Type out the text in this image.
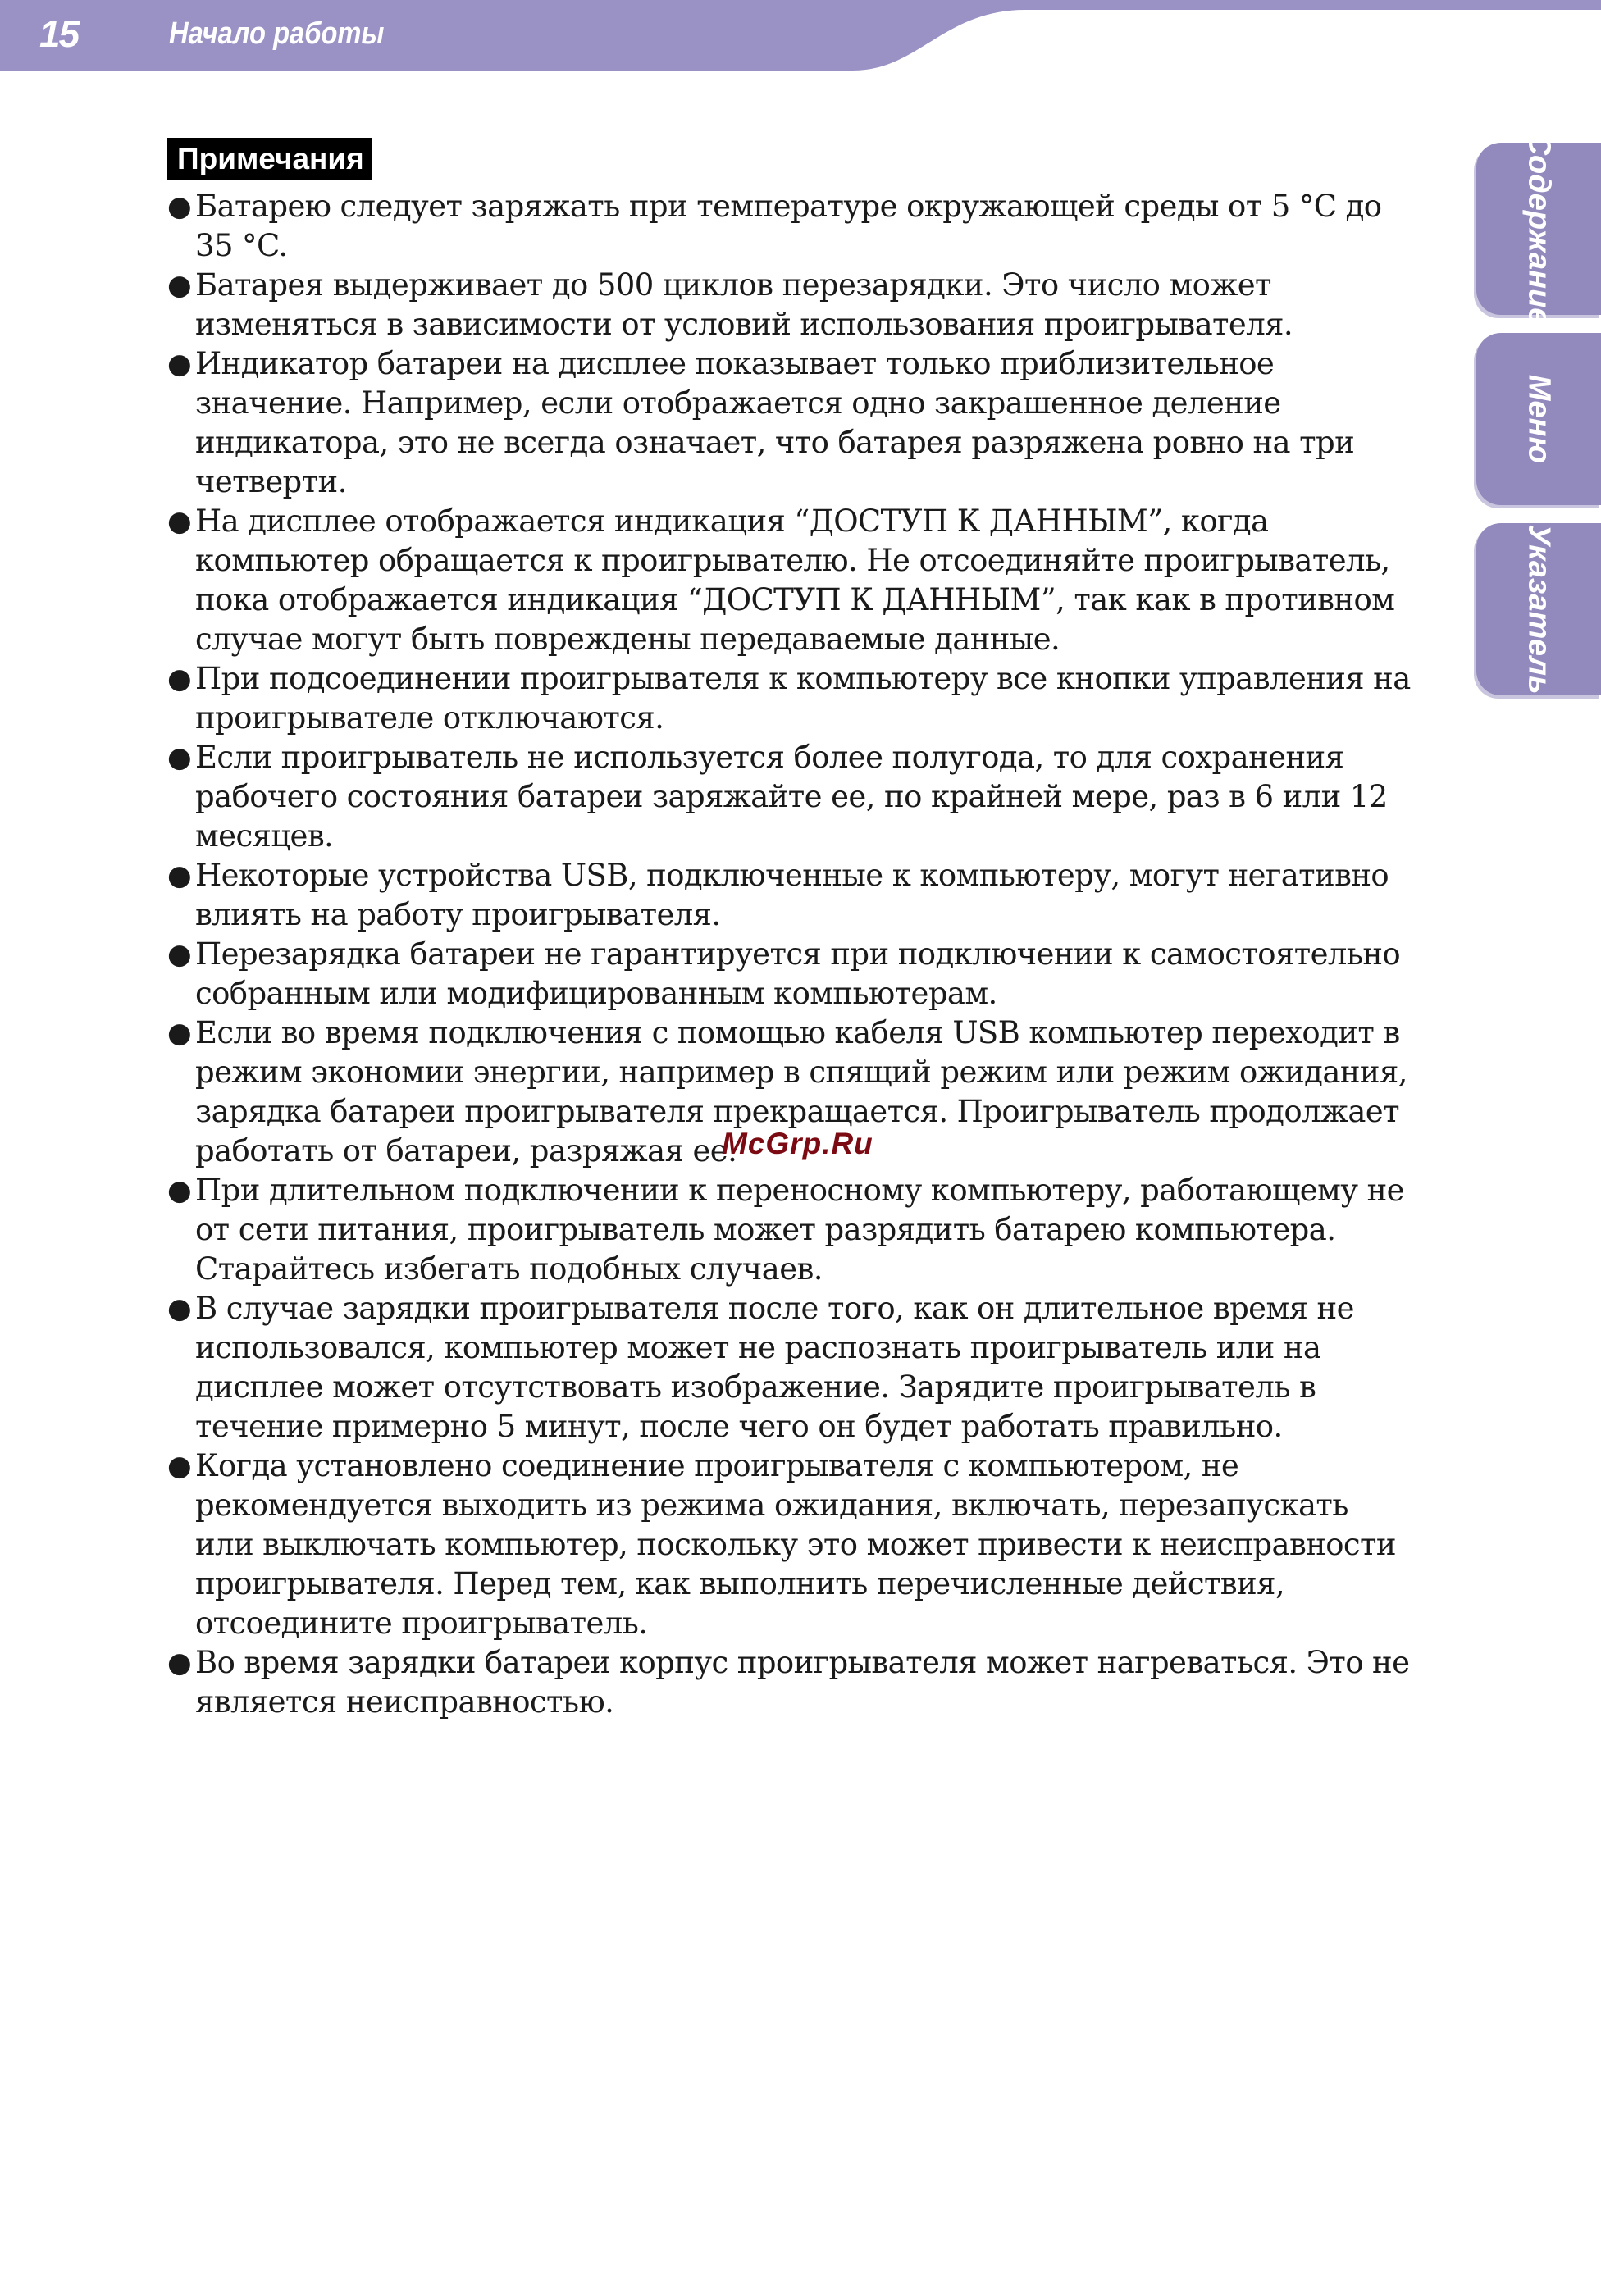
15	Начало работы
Содержание
Меню
Указатель
Примечания
● Батарею следует заряжать при температуре окружающей среды от 5 °C до 35 °C.
● Батарея выдерживает до 500 циклов перезарядки. Это число может изменяться в зависимости от условий использования проигрывателя.
● Индикатор батареи на дисплее показывает только приблизительное значение. Например, если отображается одно закрашенное деление индикатора, это не всегда означает, что батарея разряжена ровно на три четверти.
● На дисплее отображается индикация “ДОСТУП К ДАННЫМ”, когда компьютер обращается к проигрывателю. Не отсоединяйте проигрыватель, пока отображается индикация “ДОСТУП К ДАННЫМ”, так как в противном случае могут быть повреждены передаваемые данные.
● При подсоединении проигрывателя к компьютеру все кнопки управления на проигрывателе отключаются.
● Если проигрыватель не используется более полугода, то для сохранения рабочего состояния батареи заряжайте ее, по крайней мере, раз в 6 или 12 месяцев.
● Некоторые устройства USB, подключенные к компьютеру, могут негативно влиять на работу проигрывателя.
● Перезарядка батареи не гарантируется при подключении к самостоятельно собранным или модифицированным компьютерам.
● Если во время подключения с помощью кабеля USB компьютер переходит в режим экономии энергии, например в спящий режим или режим ожидания, зарядка батареи проигрывателя прекращается. Проигрыватель продолжает работать от батареи, разряжая ее.
● При длительном подключении к переносному компьютеру, работающему не от сети питания, проигрыватель может разрядить батарею компьютера. Старайтесь избегать подобных случаев.
● В случае зарядки проигрывателя после того, как он длительное время не использовался, компьютер может не распознать проигрыватель или на дисплее может отсутствовать изображение. Зарядите проигрыватель в течение примерно 5 минут, после чего он будет работать правильно.
● Когда установлено соединение проигрывателя с компьютером, не рекомендуется выходить из режима ожидания, включать, перезапускать или выключать компьютер, поскольку это может привести к неисправности проигрывателя. Перед тем, как выполнить перечисленные действия, отсоедините проигрыватель.
● Во время зарядки батареи корпус проигрывателя может нагреваться. Это не является неисправностью.
McGrp.Ru
